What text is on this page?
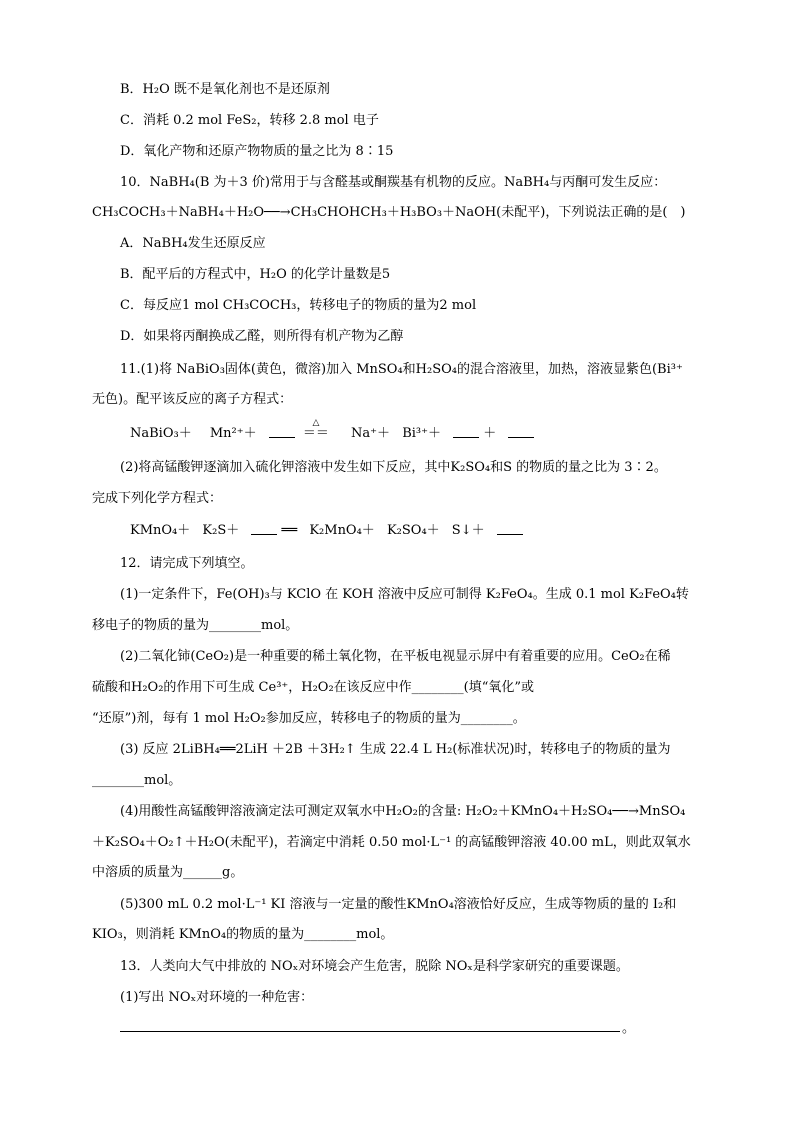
B．H₂O 既不是氧化剂也不是还原剂
C．消耗 0.2 mol FeS₂，转移 2.8 mol 电子
D．氧化产物和还原产物物质的量之比为 8∶15
10．NaBH₄(B 为＋3 价)常用于与含醛基或酮羰基有机物的反应。NaBH₄与丙酮可发生反应：
CH₃COCH₃＋NaBH₄＋H₂O──→CH₃CHOHCH₃＋H₃BO₃＋NaOH(未配平)，下列说法正确的是(　)
A．NaBH₄发生还原反应
B．配平后的方程式中，H₂O 的化学计量数是5
C．每反应1 mol CH₃COCH₃，转移电子的物质的量为2 mol
D．如果将丙酮换成乙醛，则所得有机产物为乙醇
11.(1)将 NaBiO₃固体(黄色，微溶)加入 MnSO₄和H₂SO₄的混合溶液里，加热，溶液显紫色(Bi³⁺
无色)。配平该反应的离子方程式：
NaBiO₃＋ Mn²⁺＋
△
＝＝ Na⁺＋ Bi³⁺＋	＋
(2)将高锰酸钾逐滴加入硫化钾溶液中发生如下反应，其中K₂SO₄和S 的物质的量之比为 3∶2。
完成下列化学方程式：
KMnO₄＋ K₂S＋	══ K₂MnO₄＋ K₂SO₄＋ S↓＋
12．请完成下列填空。
(1)一定条件下，Fe(OH)₃与 KClO 在 KOH 溶液中反应可制得 K₂FeO₄。生成 0.1 mol K₂FeO₄转
移电子的物质的量为________mol。
(2)二氧化铈(CeO₂)是一种重要的稀土氧化物，在平板电视显示屏中有着重要的应用。CeO₂在稀
硫酸和H₂O₂的作用下可生成 Ce³⁺，H₂O₂在该反应中作________(填“氧化”或
“还原”)剂，每有 1 mol H₂O₂参加反应，转移电子的物质的量为________。
(3) 反应 2LiBH₄══2LiH ＋2B ＋3H₂↑ 生成 22.4 L H₂(标准状况)时，转移电子的物质的量为
________mol。
(4)用酸性高锰酸钾溶液滴定法可测定双氧水中H₂O₂的含量: H₂O₂＋KMnO₄＋H₂SO₄──→MnSO₄
＋K₂SO₄＋O₂↑＋H₂O(未配平)，若滴定中消耗 0.50 mol·L⁻¹ 的高锰酸钾溶液 40.00 mL，则此双氧水
中溶质的质量为______g。
(5)300 mL 0.2 mol·L⁻¹ KI 溶液与一定量的酸性KMnO₄溶液恰好反应，生成等物质的量的 I₂和
KIO₃，则消耗 KMnO₄的物质的量为________mol。
13．人类向大气中排放的 NOₓ对环境会产生危害，脱除 NOₓ是科学家研究的重要课题。
(1)写出 NOₓ对环境的一种危害：
。
